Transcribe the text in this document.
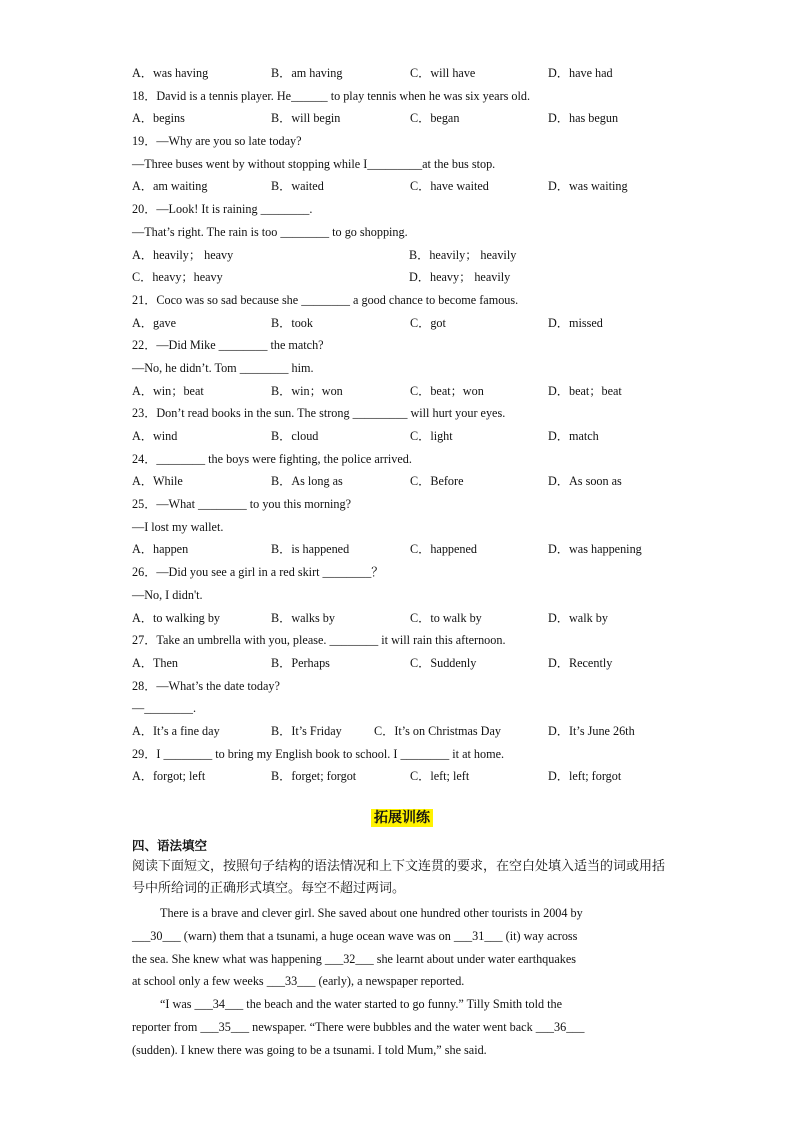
A．was having	B．am having	C．will have	D．have had
18．David is a tennis player. He______ to play tennis when he was six years old.
A．begins	B．will begin	C．began	D．has begun
19．—Why are you so late today?
—Three buses went by without stopping while I_________at the bus stop.
A．am waiting	B．waited	C．have waited	D．was waiting
20．—Look! It is raining ________.
—That’s right. The rain is too ________ to go shopping.
A．heavily； heavy	B．heavily； heavily
C．heavy；heavy	D．heavy； heavily
21．Coco was so sad because she ________ a good chance to become famous.
A．gave	B．took	C．got	D．missed
22．—Did Mike ________ the match?
—No, he didn’t. Tom ________ him.
A．win；beat	B．win；won	C．beat；won	D．beat；beat
23．Don’t read books in the sun. The strong _________ will hurt your eyes.
A．wind	B．cloud	C．light	D．match
24．________ the boys were fighting, the police arrived.
A．While	B．As long as	C．Before	D．As soon as
25．—What ________ to you this morning?
—I lost my wallet.
A．happen	B．is happened	C．happened	D．was happening
26．—Did you see a girl in a red skirt ________？
—No, I didn't.
A．to walking by	B．walks by	C．to walk by	D．walk by
27．Take an umbrella with you, please. ________ it will rain this afternoon.
A．Then	B．Perhaps	C．Suddenly	D．Recently
28．—What’s the date today?
—________.
A．It’s a fine day	B．It’s Friday	C．It’s on Christmas Day	D．It’s June 26th
29．I ________ to bring my English book to school. I ________ it at home.
A．forgot; left	B．forget; forgot	C．left; left	D．left; forgot
拓展训练
四、语法填空
阅读下面短文，按照句子结构的语法情况和上下文连贯的要求，在空白处填入适当的词或用括号中所给词的正确形式填空。每空不超过两词。
There is a brave and clever girl. She saved about one hundred other tourists in 2004 by
___30___ (warn) them that a tsunami, a huge ocean wave was on ___31___ (it) way across
the sea. She knew what was happening ___32___ she learnt about under water earthquakes
at school only a few weeks ___33___ (early), a newspaper reported.
“I was ___34___ the beach and the water started to go funny.” Tilly Smith told the
reporter from ___35___ newspaper. “There were bubbles and the water went back ___36___
(sudden). I knew there was going to be a tsunami. I told Mum,” she said.
